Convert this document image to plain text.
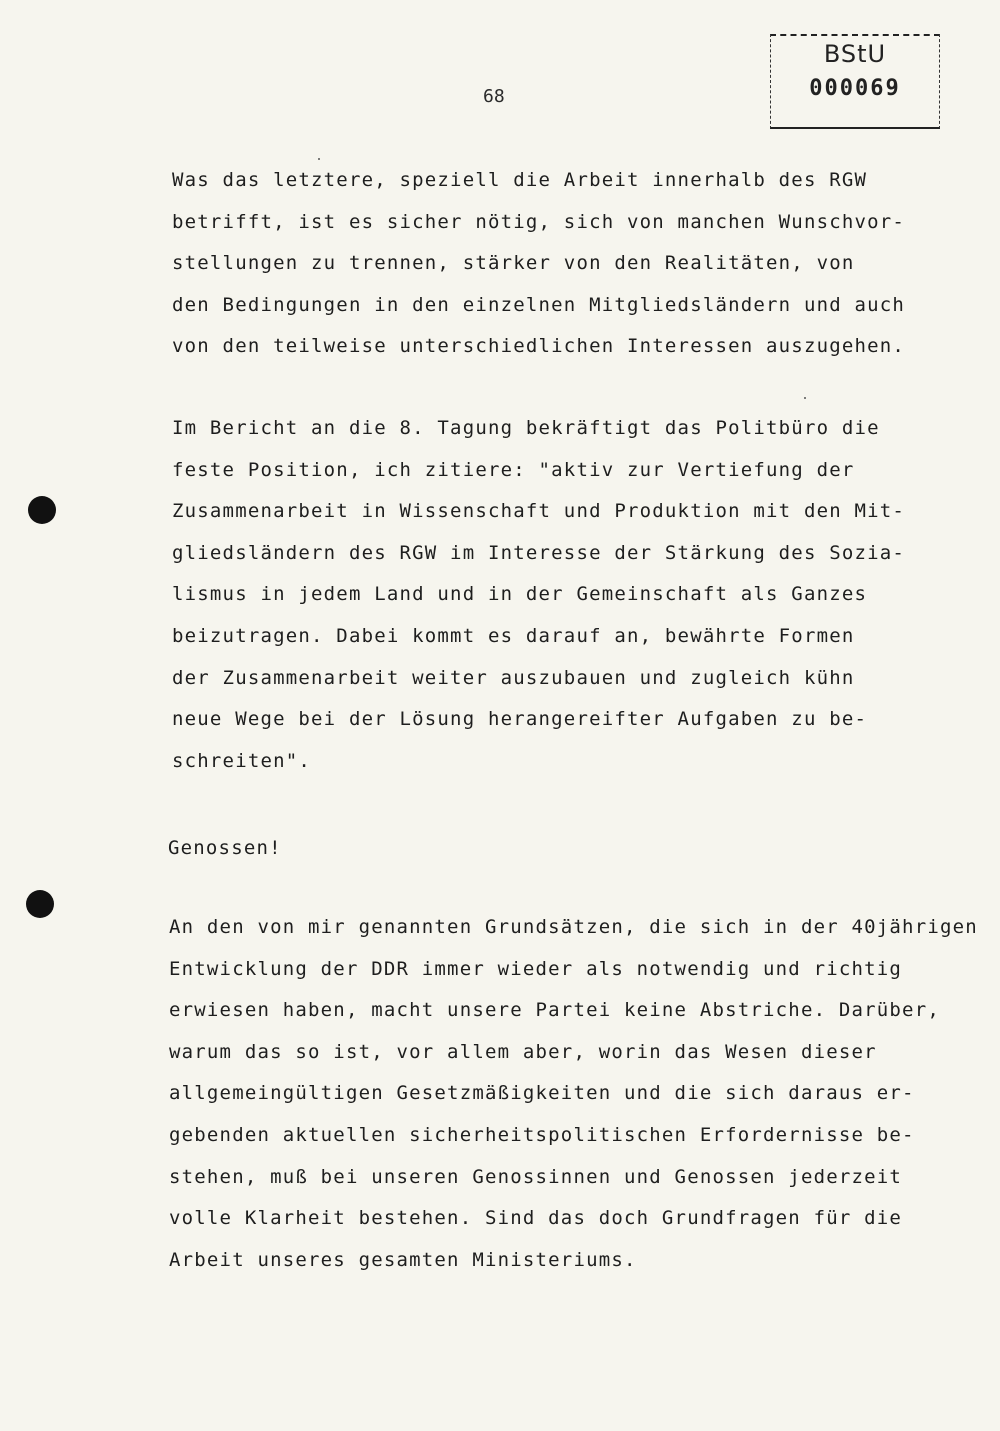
BStU
000069
68

Was das letztere, speziell die Arbeit innerhalb des RGW
betrifft, ist es sicher nötig, sich von manchen Wunschvor-
stellungen zu trennen, stärker von den Realitäten, von
den Bedingungen in den einzelnen Mitgliedsländern und auch
von den teilweise unterschiedlichen Interessen auszugehen.

Im Bericht an die 8. Tagung bekräftigt das Politbüro die
feste Position, ich zitiere: "aktiv zur Vertiefung der
Zusammenarbeit in Wissenschaft und Produktion mit den Mit-
gliedsländern des RGW im Interesse der Stärkung des Sozia-
lismus in jedem Land und in der Gemeinschaft als Ganzes
beizutragen. Dabei kommt es darauf an, bewährte Formen
der Zusammenarbeit weiter auszubauen und zugleich kühn
neue Wege bei der Lösung herangereifter Aufgaben zu be-
schreiten".

Genossen!

An den von mir genannten Grundsätzen, die sich in der 40jährigen
Entwicklung der DDR immer wieder als notwendig und richtig
erwiesen haben, macht unsere Partei keine Abstriche. Darüber,
warum das so ist, vor allem aber, worin das Wesen dieser
allgemeingültigen Gesetzmäßigkeiten und die sich daraus er-
gebenden aktuellen sicherheitspolitischen Erfordernisse be-
stehen, muß bei unseren Genossinnen und Genossen jederzeit
volle Klarheit bestehen. Sind das doch Grundfragen für die
Arbeit unseres gesamten Ministeriums.
